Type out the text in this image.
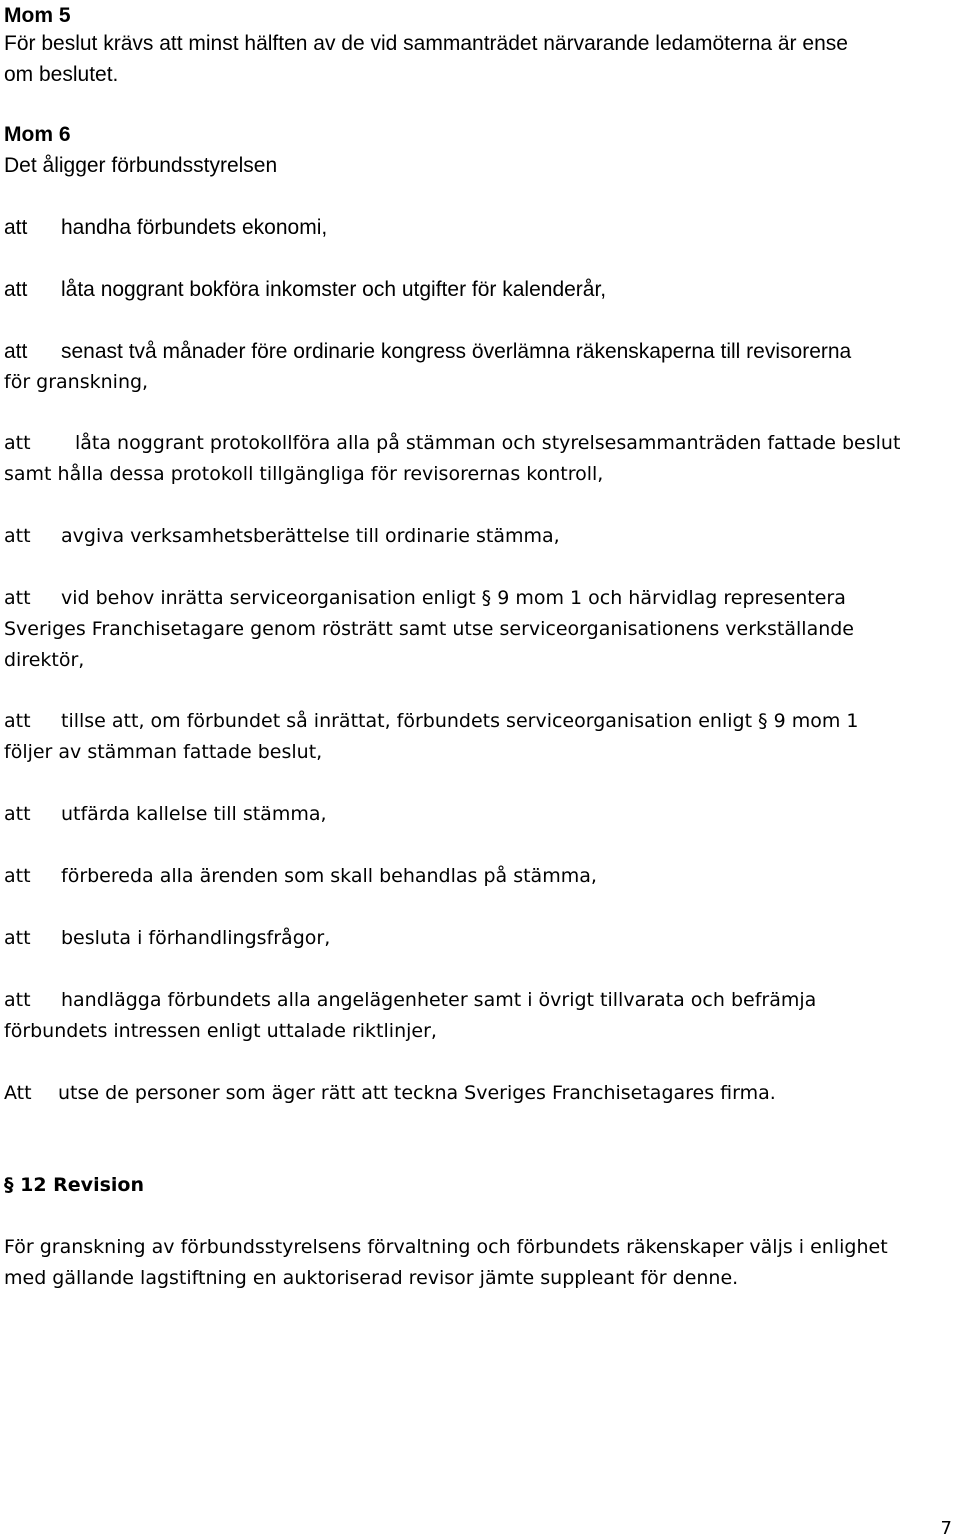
Mom 5
För beslut krävs att minst hälften av de vid sammanträdet närvarande ledamöterna är ense
om beslutet.
Mom 6
Det åligger förbundsstyrelsen
att handha förbundets ekonomi,
att låta noggrant bokföra inkomster och utgifter för kalenderår,
att senast två månader före ordinarie kongress överlämna räkenskaperna till revisorerna
för granskning,
att låta noggrant protokollföra alla på stämman och styrelsesammanträden fattade beslut
samt hålla dessa protokoll tillgängliga för revisorernas kontroll,
att avgiva verksamhetsberättelse till ordinarie stämma,
att vid behov inrätta serviceorganisation enligt § 9 mom 1 och härvidlag representera
Sveriges Franchisetagare genom rösträtt samt utse serviceorganisationens verkställande
direktör,
att tillse att, om förbundet så inrättat, förbundets serviceorganisation enligt § 9 mom 1
följer av stämman fattade beslut,
att utfärda kallelse till stämma,
att förbereda alla ärenden som skall behandlas på stämma,
att besluta i förhandlingsfrågor,
att handlägga förbundets alla angelägenheter samt i övrigt tillvarata och befrämja
förbundets intressen enligt uttalade riktlinjer,
Att utse de personer som äger rätt att teckna Sveriges Franchisetagares firma.
§ 12 Revision
För granskning av förbundsstyrelsens förvaltning och förbundets räkenskaper väljs i enlighet
med gällande lagstiftning en auktoriserad revisor jämte suppleant för denne.
7
